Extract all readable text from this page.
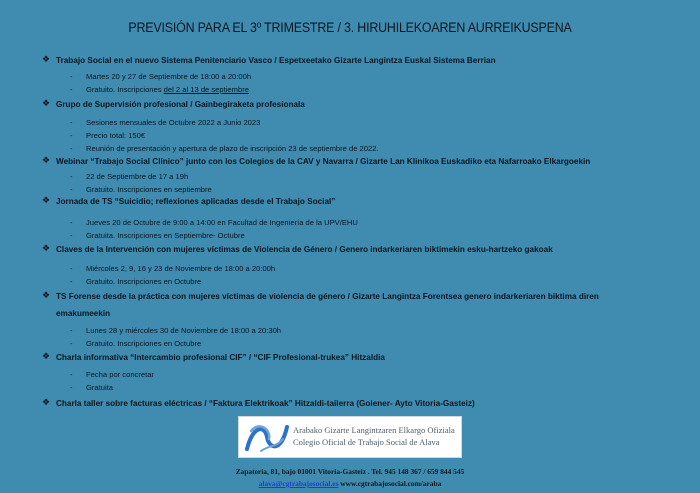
PREVISIÓN PARA EL 3º TRIMESTRE / 3. HIRUHILEKOAREN AURREIKUSPENA
❖ Trabajo Social en el nuevo Sistema Penitenciario Vasco / Espetxeetako Gizarte Langintza Euskal Sistema Berrian
- Martes 20 y 27 de Septiembre de 18:00 a 20:00h
- Gratuito. Inscripciones del 2 al 13 de septiembre
❖ Grupo de Supervisión profesional / Gainbegiraketa profesionala
- Sesiones mensuales de Octubre 2022 a Junio 2023
- Precio total: 150€
- Reunión de presentación y apertura de plazo de inscripción 23 de septiembre de 2022.
❖ Webinar “Trabajo Social Clínico” junto con los Colegios de la CAV y Navarra / Gizarte Lan Klinikoa Euskadiko eta Nafarroako Elkargoekin
- 22 de Septiembre de 17 a 19h
- Gratuito. Inscripciones en septiembre
❖ Jornada de TS “Suicidio; reflexiones aplicadas desde el Trabajo Social”
- Jueves 20 de Octubre de 9:00 a 14:00 en Facultad de Ingeniería de la UPV/EHU
- Gratuita. Inscripciones en Septiembre- Octubre
❖ Claves de la Intervención con mujeres víctimas de Violencia de Género / Genero indarkeriaren biktimekin esku-hartzeko gakoak
- Miércoles 2, 9, 16 y 23 de Noviembre de 18:00 a 20:00h
- Gratuito. Inscripciones en Octubre
❖ TS Forense desde la práctica con mujeres víctimas de violencia de género / Gizarte Langintza Forentsea genero indarkeriaren biktima diren
emakumeekin
- Lunes 28 y miércoles 30 de Noviembre de 18:00 a 20:30h
- Gratuito. Inscripciones en Octubre
❖ Charla informativa “Intercambio profesional CIF” / “CIF Profesional-trukea” Hitzaldia
- Fecha por concretar
- Gratuita
❖ Charla taller sobre facturas eléctricas / “Faktura Elektrikoak” Hitzaldi-tailerra (Goiener- Ayto Vitoria-Gasteiz)
Arabako Gizarte Langintzaren Elkargo Ofiziala
Colegio Oficial de Trabajo Social de Alava
Zapateria, 81, bajo 01001 Vitoria-Gasteiz . Tel. 945 148 367 / 659 844 545
alava@cgtrabajosocial.es www.cgtrabajosocial.com/araba
